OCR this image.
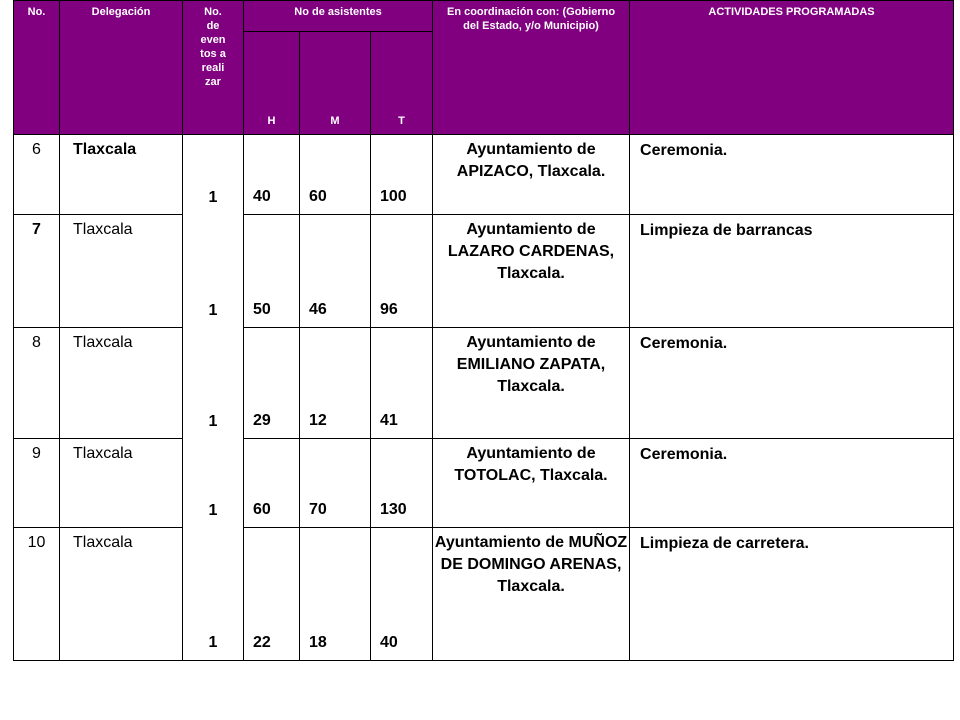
No.	Delegación	No. de even tos a reali zar	No de asistentes			En coordinación con: (Gobierno del Estado, y/o Municipio)	ACTIVIDADES PROGRAMADAS
			H	M	T		
6	Tlaxcala	1	40	60	100	Ayuntamiento de APIZACO, Tlaxcala.	Ceremonia.
7	Tlaxcala	1	50	46	96	Ayuntamiento de LAZARO CARDENAS, Tlaxcala.	Limpieza de barrancas
8	Tlaxcala	1	29	12	41	Ayuntamiento de EMILIANO ZAPATA, Tlaxcala.	Ceremonia.
9	Tlaxcala	1	60	70	130	Ayuntamiento de TOTOLAC, Tlaxcala.	Ceremonia.
10	Tlaxcala	1	22	18	40	Ayuntamiento de MUÑOZ DE DOMINGO ARENAS, Tlaxcala.	Limpieza de carretera.
